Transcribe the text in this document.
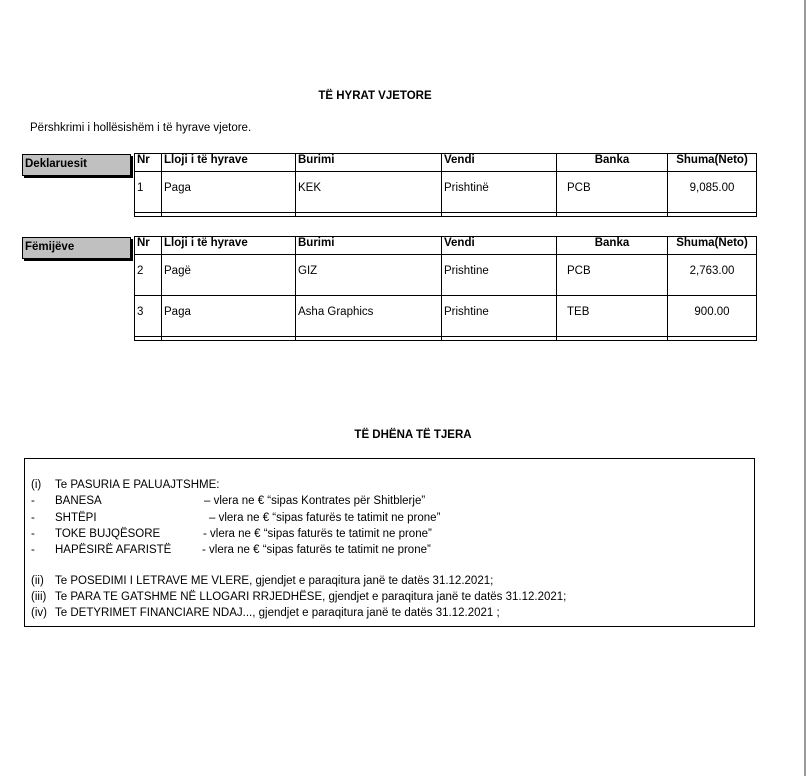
TË HYRAT VJETORE
Përshkrimi i hollësishëm i të hyrave vjetore.
Deklaruesit	Nr	Lloji i të hyrave	Burimi	Vendi	Banka	Shuma(Neto)
1	Paga	KEK	Prishtinë	PCB	9,085.00

Fëmijëve	Nr	Lloji i të hyrave	Burimi	Vendi	Banka	Shuma(Neto)
2	Pagë	GIZ	Prishtine	PCB	2,763.00
3	Paga	Asha Graphics	Prishtine	TEB	900.00

TË DHËNA TË TJERA
(i) Te PASURIA E PALUAJTSHME:
- BANESA	– vlera ne € “sipas Kontrates për Shitblerje”
- SHTËPI	– vlera ne € “sipas faturës te tatimit ne prone”
- TOKE BUJQËSORE	- vlera ne € “sipas faturës te tatimit ne prone”
- HAPËSIRË AFARISTË	- vlera ne € “sipas faturës te tatimit ne prone”
(ii) Te POSEDIMI I LETRAVE ME VLERE, gjendjet e paraqitura janë te datës 31.12.2021;
(iii) Te PARA TE GATSHME NË LLOGARI RRJEDHËSE, gjendjet e paraqitura janë te datës 31.12.2021;
(iv) Te DETYRIMET FINANCIARE NDAJ..., gjendjet e paraqitura janë te datës 31.12.2021 ;
